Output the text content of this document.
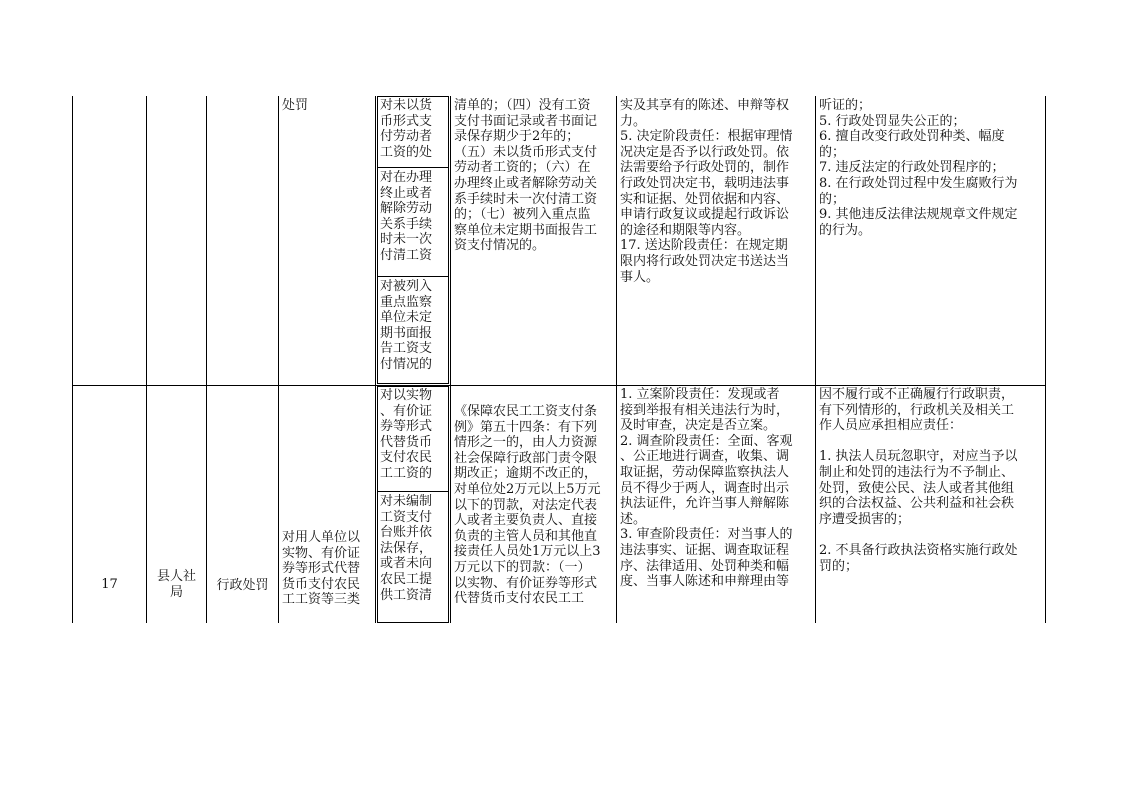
处罚	对未以货
币形式支
付劳动者
工资的处
对在办理
终止或者
解除劳动
关系手续
时未一次
付清工资
对被列入
重点监察
单位未定
期书面报
告工资支
付情况的
清单的；（四）没有工资
支付书面记录或者书面记
录保存期少于2年的；
（五）未以货币形式支付
劳动者工资的；（六）在
办理终止或者解除劳动关
系手续时未一次付清工资
的；（七）被列入重点监
察单位未定期书面报告工
资支付情况的。
实及其享有的陈述、申辩等权
力。
5. 决定阶段责任：根据审理情
况决定是否予以行政处罚。依
法需要给予行政处罚的，制作
行政处罚决定书，载明违法事
实和证据、处罚依据和内容、
申请行政复议或提起行政诉讼
的途径和期限等内容。
17. 送达阶段责任：在规定期
限内将行政处罚决定书送达当
事人。
听证的；
5. 行政处罚显失公正的；
6. 擅自改变行政处罚种类、幅度
的；
7. 违反法定的行政处罚程序的；
8. 在行政处罚过程中发生腐败行为
的；
9. 其他违反法律法规规章文件规定
的行为。
17
县人社
局	行政处罚
对用人单位以
实物、有价证
券等形式代替
货币支付农民
工工资等三类
对以实物
、有价证
券等形式
代替货币
支付农民
工工资的
对未编制
工资支付
台账并依
法保存，
或者未向
农民工提
供工资清
《保障农民工工资支付条
例》第五十四条：有下列
情形之一的，由人力资源
社会保障行政部门责令限
期改正；逾期不改正的，
对单位处2万元以上5万元
以下的罚款，对法定代表
人或者主要负责人、直接
负责的主管人员和其他直
接责任人员处1万元以上3
万元以下的罚款：（一）
以实物、有价证券等形式
代替货币支付农民工工
1. 立案阶段责任：发现或者
接到举报有相关违法行为时，
及时审查，决定是否立案。
2. 调查阶段责任：全面、客观
、公正地进行调查，收集、调
取证据，劳动保障监察执法人
员不得少于两人，调查时出示
执法证件，允许当事人辩解陈
述。
3. 审查阶段责任：对当事人的
违法事实、证据、调查取证程
序、法律适用、处罚种类和幅
度、当事人陈述和申辩理由等
因不履行或不正确履行行政职责，
有下列情形的，行政机关及相关工
作人员应承担相应责任：

1. 执法人员玩忽职守，对应当予以
制止和处罚的违法行为不予制止、
处罚，致使公民、法人或者其他组
织的合法权益、公共利益和社会秩
序遭受损害的；

2. 不具备行政执法资格实施行政处
罚的；
